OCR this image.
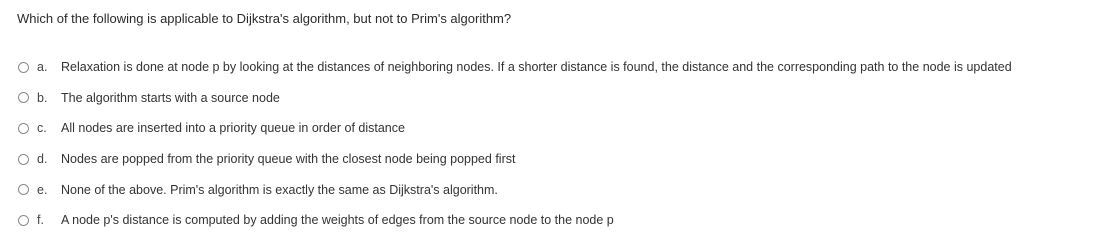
Which of the following is applicable to Dijkstra's algorithm, but not to Prim's algorithm?
a.	Relaxation is done at node p by looking at the distances of neighboring nodes. If a shorter distance is found, the distance and the corresponding path to the node is updated
b.	The algorithm starts with a source node
c.	All nodes are inserted into a priority queue in order of distance
d.	Nodes are popped from the priority queue with the closest node being popped first
e.	None of the above. Prim's algorithm is exactly the same as Dijkstra's algorithm.
f.	A node p's distance is computed by adding the weights of edges from the source node to the node p
